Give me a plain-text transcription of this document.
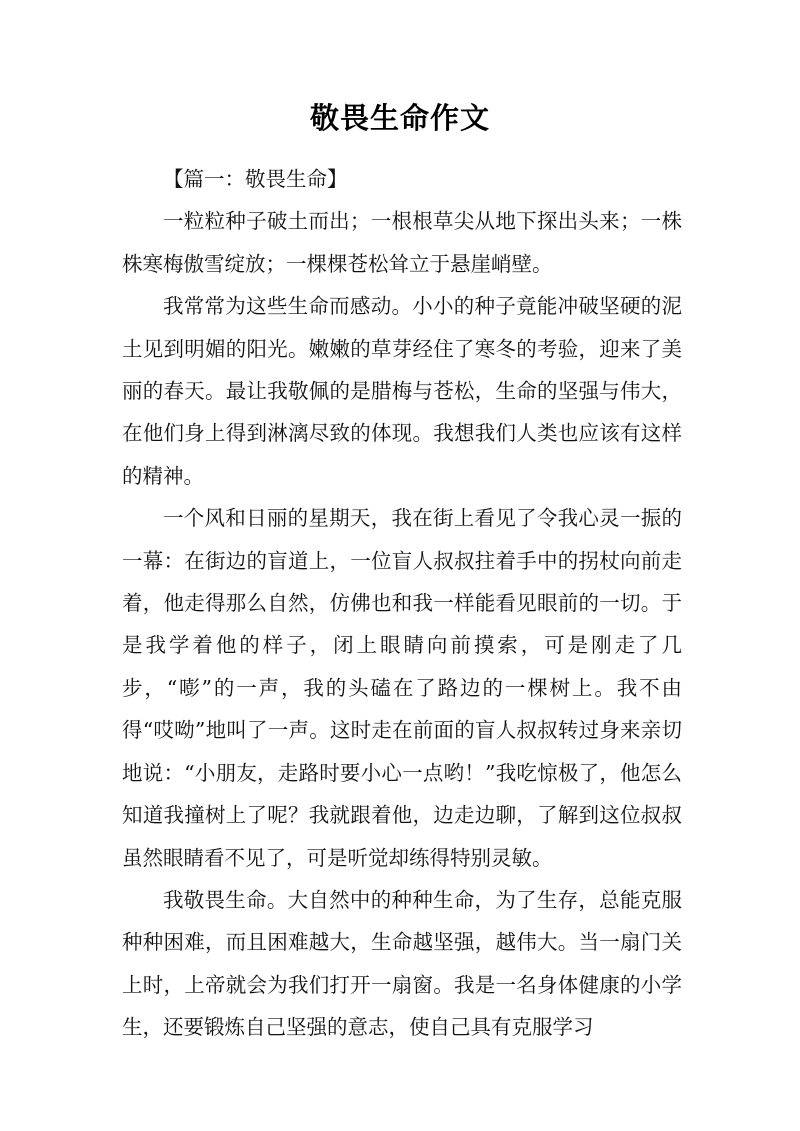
敬畏生命作文

【篇一：敬畏生命】

一粒粒种子破土而出；一根根草尖从地下探出头来；一株株寒梅傲雪绽放；一棵棵苍松耸立于悬崖峭壁。

我常常为这些生命而感动。小小的种子竟能冲破坚硬的泥土见到明媚的阳光。嫩嫩的草芽经住了寒冬的考验，迎来了美丽的春天。最让我敬佩的是腊梅与苍松，生命的坚强与伟大，在他们身上得到淋漓尽致的体现。我想我们人类也应该有这样的精神。

一个风和日丽的星期天，我在街上看见了令我心灵一振的一幕：在街边的盲道上，一位盲人叔叔拄着手中的拐杖向前走着，他走得那么自然，仿佛也和我一样能看见眼前的一切。于是我学着他的样子，闭上眼睛向前摸索，可是刚走了几步，“嘭”的一声，我的头磕在了路边的一棵树上。我不由得“哎呦”地叫了一声。这时走在前面的盲人叔叔转过身来亲切地说：“小朋友，走路时要小心一点哟！”我吃惊极了，他怎么知道我撞树上了呢？我就跟着他，边走边聊，了解到这位叔叔虽然眼睛看不见了，可是听觉却练得特别灵敏。

我敬畏生命。大自然中的种种生命，为了生存，总能克服种种困难，而且困难越大，生命越坚强，越伟大。当一扇门关上时，上帝就会为我们打开一扇窗。我是一名身体健康的小学生，还要锻炼自己坚强的意志，使自己具有克服学习
